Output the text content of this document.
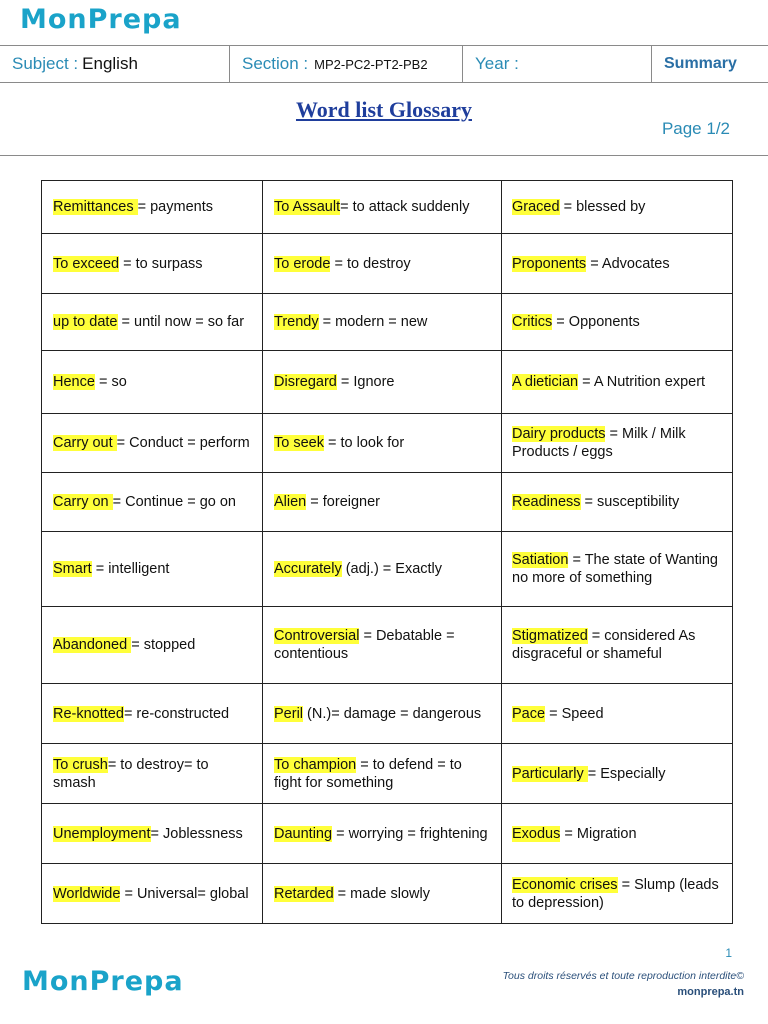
MonPrepa
Subject : English	Section : MP2-PC2-PT2-PB2	Year :	Summary
Word list Glossary
Page 1/2
Remittances = payments	To Assault= to attack suddenly	Graced = blessed by
To exceed = to surpass	To erode = to destroy	Proponents = Advocates
up to date = until now = so far	Trendy = modern = new	Critics = Opponents
Hence = so	Disregard = Ignore	A dietician = A Nutrition expert
Carry out = Conduct = perform	To seek = to look for	Dairy products = Milk / Milk Products / eggs
Carry on = Continue = go on	Alien = foreigner	Readiness = susceptibility
Smart = intelligent	Accurately (adj.) = Exactly	Satiation = The state of Wanting no more of something
Abandoned = stopped	Controversial = Debatable = contentious	Stigmatized = considered As disgraceful or shameful
Re-knotted= re-constructed	Peril (N.)= damage = dangerous	Pace = Speed
To crush= to destroy= to smash	To champion = to defend = to fight for something	Particularly = Especially
Unemployment= Joblessness	Daunting = worrying = frightening	Exodus = Migration
Worldwide = Universal= global	Retarded = made slowly	Economic crises = Slump (leads to depression)
1
MonPrepa	Tous droits réservés et toute reproduction interdite©
monprepa.tn
